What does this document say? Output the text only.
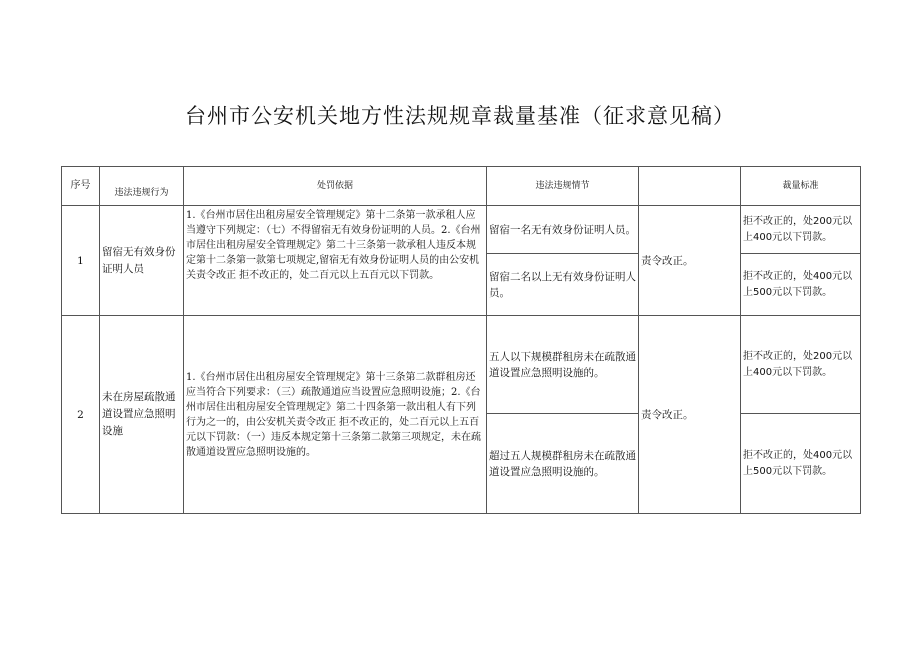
台州市公安机关地方性法规规章裁量基准（征求意见稿）
序号	违法违规行为	处罚依据	违法违规情节		裁量标准
1	留宿无有效身份证明人员	1.《台州市居住出租房屋安全管理规定》第十二条第一款承租人应当遵守下列规定：（七）不得留宿无有效身份证明的人员。2.《台州市居住出租房屋安全管理规定》第二十三条第一款承租人违反本规定第十二条第一款第七项规定,留宿无有效身份证明人员的由公安机关责令改正 拒不改正的，处二百元以上五百元以下罚款。	留宿一名无有效身份证明人员。	责令改正。	拒不改正的，处200元以上400元以下罚款。
			留宿二名以上无有效身份证明人员。		拒不改正的，处400元以上500元以下罚款。
2	未在房屋疏散通道设置应急照明设施	1.《台州市居住出租房屋安全管理规定》第十三条第二款群租房还应当符合下列要求：（三）疏散通道应当设置应急照明设施；2.《台州市居住出租房屋安全管理规定》第二十四条第一款出租人有下列行为之一的，由公安机关责令改正 拒不改正的，处二百元以上五百元以下罚款：（一）违反本规定第十三条第二款第三项规定，未在疏散通道设置应急照明设施的。	五人以下规模群租房未在疏散通道设置应急照明设施的。	责令改正。	拒不改正的，处200元以上400元以下罚款。
			超过五人规模群租房未在疏散通道设置应急照明设施的。		拒不改正的，处400元以上500元以下罚款。
